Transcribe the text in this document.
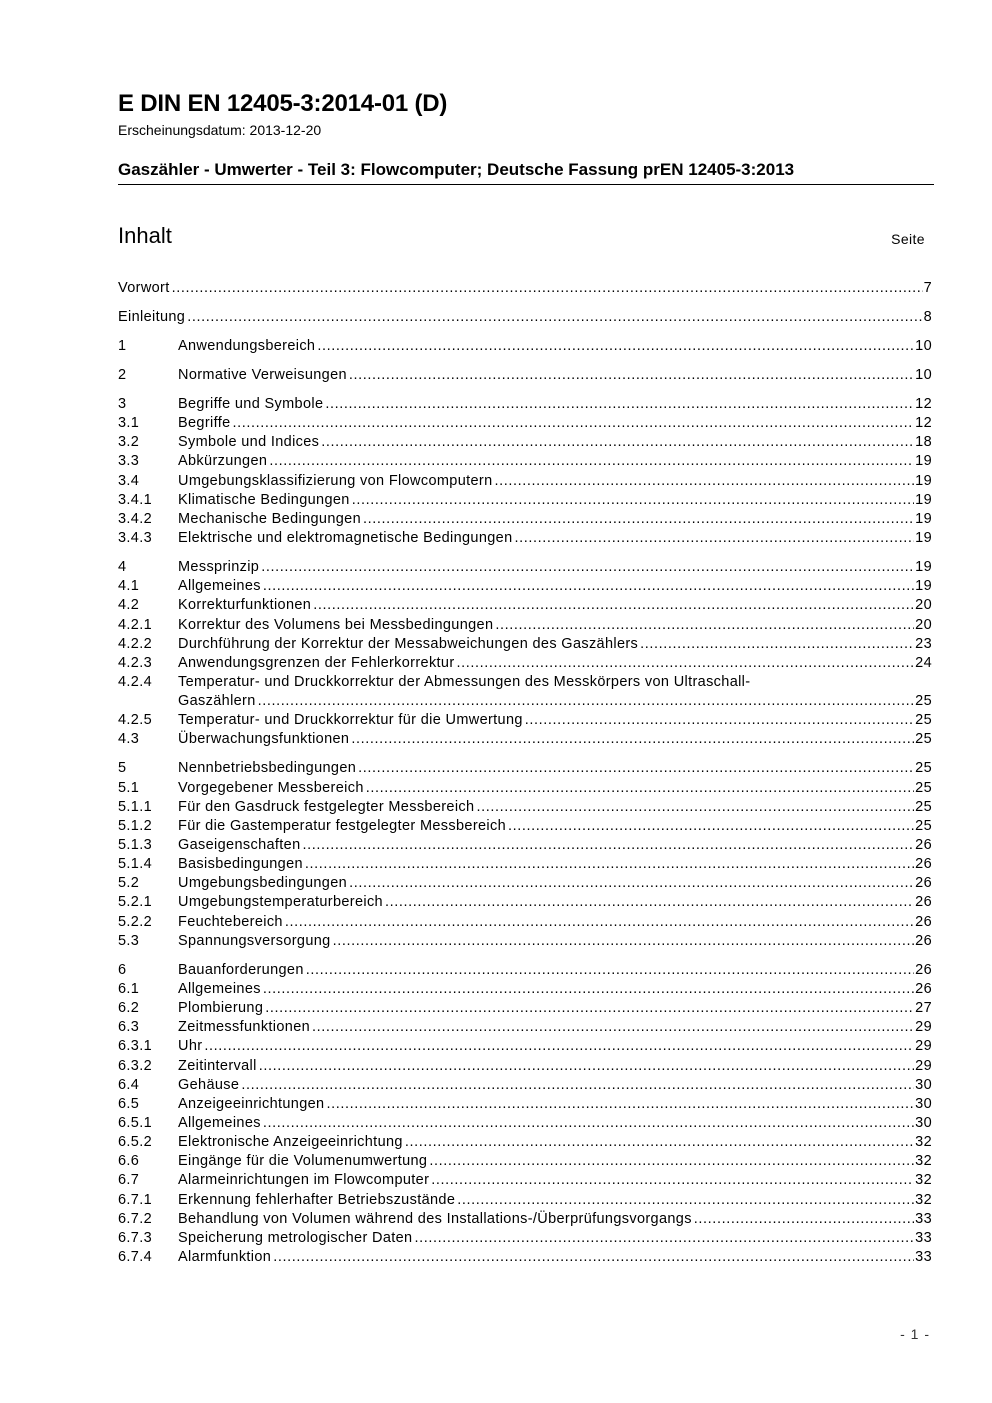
E DIN EN 12405-3:2014-01 (D)
Erscheinungsdatum: 2013-12-20
Gaszähler - Umwerter - Teil 3: Flowcomputer; Deutsche Fassung prEN 12405-3:2013
Inhalt	Seite
Vorwort .....	7
Einleitung .....	8
1	Anwendungsbereich .....	10
2	Normative Verweisungen .....	10
3	Begriffe und Symbole .....	12
3.1	Begriffe .....	12
3.2	Symbole und Indices .....	18
3.3	Abkürzungen .....	19
3.4	Umgebungsklassifizierung von Flowcomputern .....	19
3.4.1 Klimatische Bedingungen .....	19
3.4.2 Mechanische Bedingungen .....	19
3.4.3 Elektrische und elektromagnetische Bedingungen .....	19
4	Messprinzip .....	19
4.1	Allgemeines .....	19
4.2	Korrekturfunktionen .....	20
4.2.1 Korrektur des Volumens bei Messbedingungen .....	20
4.2.2 Durchführung der Korrektur der Messabweichungen des Gaszählers .....	23
4.2.3 Anwendungsgrenzen der Fehlerkorrektur .....	24
4.2.4 Temperatur- und Druckkorrektur der Abmessungen des Messkörpers von Ultraschall-
Gaszählern .....	25
4.2.5 Temperatur- und Druckkorrektur für die Umwertung .....	25
4.3	Überwachungsfunktionen .....	25
5	Nennbetriebsbedingungen .....	25
5.1	Vorgegebener Messbereich .....	25
5.1.1 Für den Gasdruck festgelegter Messbereich .....	25
5.1.2 Für die Gastemperatur festgelegter Messbereich .....	25
5.1.3 Gaseigenschaften .....	26
5.1.4 Basisbedingungen .....	26
5.2	Umgebungsbedingungen .....	26
5.2.1 Umgebungstemperaturbereich .....	26
5.2.2 Feuchtebereich .....	26
5.3	Spannungsversorgung .....	26
6	Bauanforderungen .....	26
6.1	Allgemeines .....	26
6.2	Plombierung .....	27
6.3	Zeitmessfunktionen .....	29
6.3.1 Uhr .....	29
6.3.2 Zeitintervall .....	29
6.4	Gehäuse .....	30
6.5	Anzeigeeinrichtungen .....	30
6.5.1 Allgemeines .....	30
6.5.2 Elektronische Anzeigeeinrichtung .....	32
6.6	Eingänge für die Volumenumwertung .....	32
6.7	Alarmeinrichtungen im Flowcomputer .....	32
6.7.1 Erkennung fehlerhafter Betriebszustände .....	32
6.7.2 Behandlung von Volumen während des Installations-/Überprüfungsvorgangs .....	33
6.7.3 Speicherung metrologischer Daten .....	33
6.7.4 Alarmfunktion .....	33
- 1 -
